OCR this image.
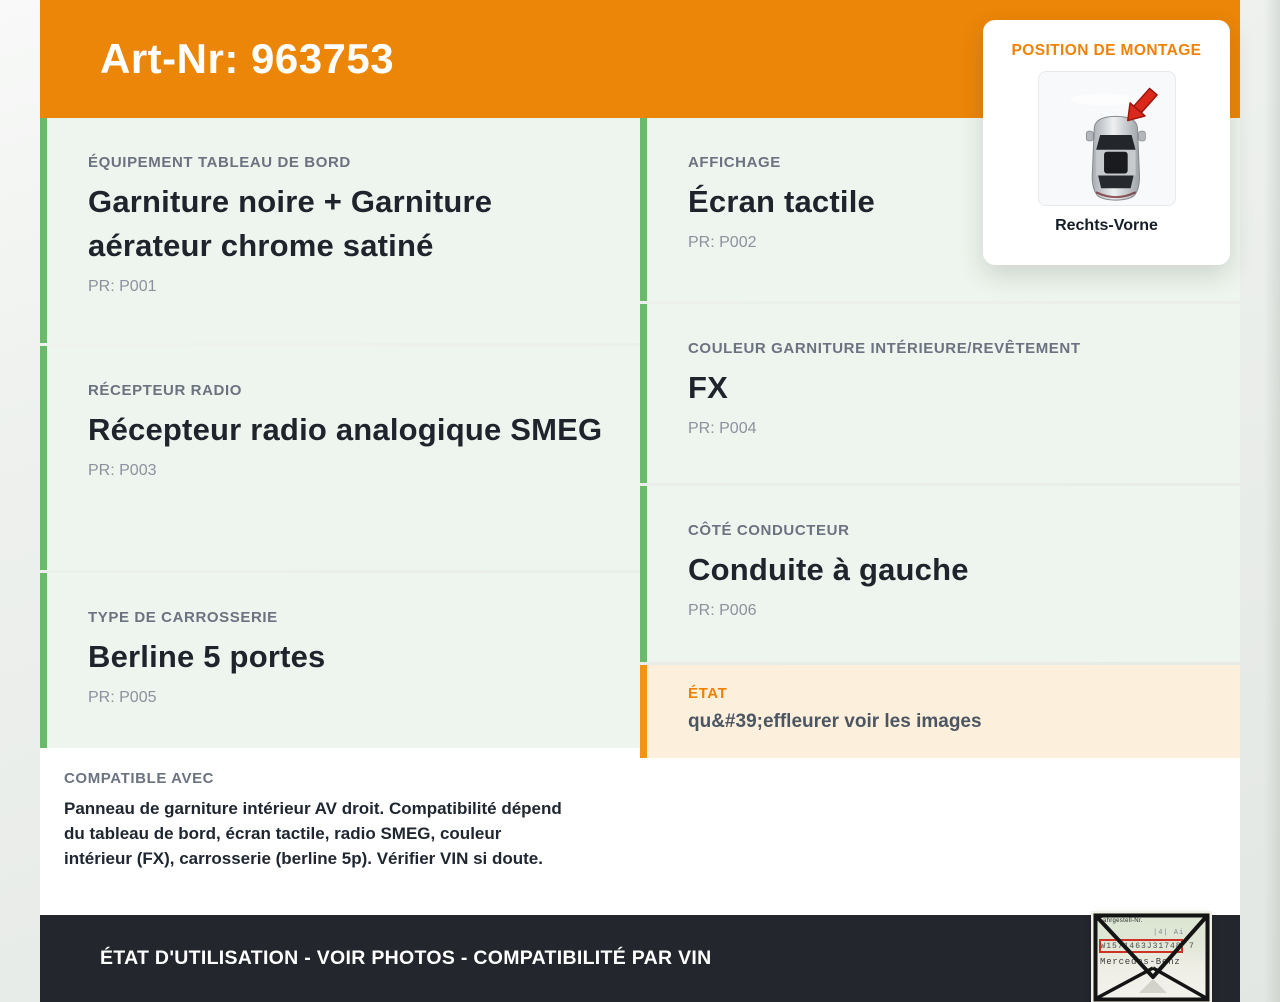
Art-Nr: 963753
ÉQUIPEMENT TABLEAU DE BORD
Garniture noire + Garniture aérateur chrome satiné
PR: P001
RÉCEPTEUR RADIO
Récepteur radio analogique SMEG
PR: P003
TYPE DE CARROSSERIE
Berline 5 portes
PR: P005
COMPATIBLE AVEC
Panneau de garniture intérieur AV droit. Compatibilité dépend du tableau de bord, écran tactile, radio SMEG, couleur intérieur (FX), carrosserie (berline 5p). Vérifier VIN si doute.
AFFICHAGE
Écran tactile
PR: P002
COULEUR GARNITURE INTÉRIEURE/REVÊTEMENT
FX
PR: P004
CÔTÉ CONDUCTEUR
Conduite à gauche
PR: P006
ÉTAT
qu&#39;effleurer voir les images
POSITION DE MONTAGE
Rechts-Vorne
ÉTAT D'UTILISATION - VOIR PHOTOS - COMPATIBILITÉ PAR VIN
Fahrgestell-Nr.
|4| Ai
W1571463J31748 7
Mercedes-Benz
